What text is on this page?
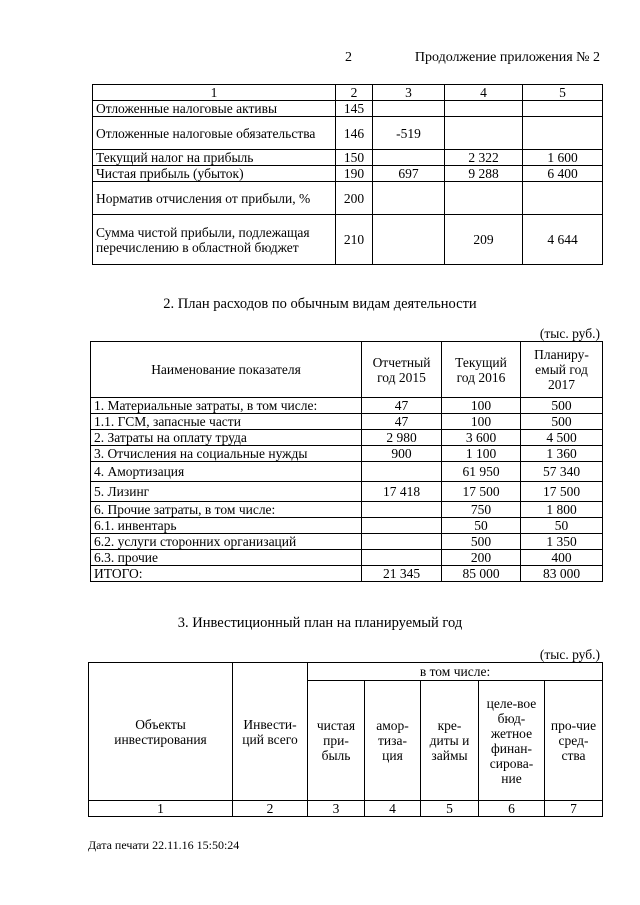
2	Продолжение приложения № 2
1	2	3	4	5
Отложенные налоговые активы	145			
Отложенные налоговые обязательства	146	-519		
Текущий налог на прибыль	150		2 322	1 600
Чистая прибыль (убыток)	190	697	9 288	6 400
Норматив отчисления от прибыли, %	200			
Сумма чистой прибыли, подлежащая перечислению в областной бюджет	210		209	4 644
2. План расходов по обычным видам деятельности
(тыс. руб.)
Наименование показателя	Отчетный год 2015	Текущий год 2016	Планиру-емый год 2017
1. Материальные затраты, в том числе:	47	100	500
1.1. ГСМ, запасные части	47	100	500
2. Затраты на оплату труда	2 980	3 600	4 500
3. Отчисления на социальные нужды	900	1 100	1 360
4. Амортизация		61 950	57 340
5. Лизинг	17 418	17 500	17 500
6. Прочие затраты, в том числе:		750	1 800
6.1. инвентарь		50	50
6.2. услуги сторонних организаций		500	1 350
6.3. прочие		200	400
ИТОГО:	21 345	85 000	83 000
3. Инвестиционный план на планируемый год
(тыс. руб.)
Объекты инвестирования	Инвести-ций всего	в том числе:				
		чистая при-быль	амор-тиза-ция	кре-диты и займы	целе-вое бюд-жетное финан-сирова-ние	про-чие сред-ства
1	2	3	4	5	6	7
Дата печати 22.11.16 15:50:24
